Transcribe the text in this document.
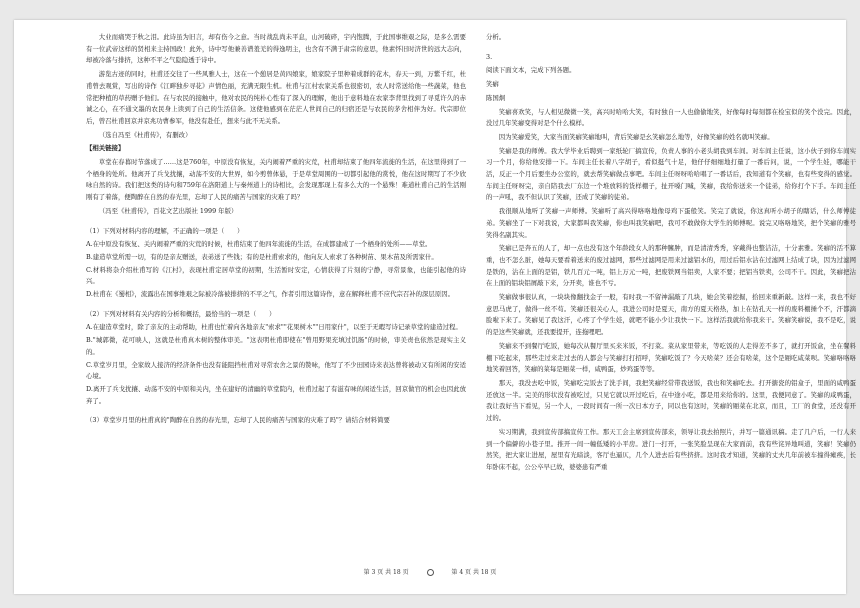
大业而痛哭于秋之泪。此诗虽为旧言，却有伤今之意。当时战乱尚未平息，山河破碎，宇内饱腾，于此国事维艰之际，是多么需要有一位武帝这样的贤相来主持国政！此外，诗中写他兼善谱羞羌的得逸明主，也含有不满于肃宗的意思，他素怀旧时济世的远大志向，却被冷落与排挤，这种不平之气隐隐透于诗中。

游览古迹的同时，杜甫还交往了一些风雅人士，这在一个憩居是黄四娘家，娘家院子里种着成群的花木，春天一到，万紫千红，杜甫曾去观赏，写出的诗作《江畔独步寻花》声情色丽，充满无限生机。杜甫与江村农家关系也很密切，农人时常送给他一些蔬菜，他也常把种植的草药赠予他们。在与农民的接触中，他对农民的纯朴心性有了深入的理解，他出于意料地在农家李背里找到了寻觅许久的赤诚之心，在不通文墨的农民身上读到了自己的生活信条。这使他感到在茫茫人世间自己的归宿还是与农民的茅舍相伴为好。代宗即位后，曾召杜甫回京并京兆功曹参军，他没有赴任，想来与此不无关系。

（选自冯至《杜甫传》，有删改）

【相关链接】

草堂在春暮时节落成了……这是760年，中原没有恢复，关内闹着严重的灾荒，杜甫却结束了他四年流徙的生活，在这里得到了一个栖身的处所。他离开了兵戈扰攘，动荡不安的大世界，如今剪曾体悬，于是草堂周围的一切都引起他的赏悦，他在这时期写了不少欣咏自然的诗。我们把这类的诗句和759年在洛阳道上与秦州道上的诗相比，会发现那现上有多么大的一个悬殊！难道杜甫自己的生活刚刚有了着落，便陶醉在自然的春光里，忘却了人民的痛苦与国家的灾难了吗？

（冯至《杜甫传》，百花文艺出版社 1999 年版）

（1）下列对材料内容的理解，不正确的一项是（　　）

A.在中原没有恢复、关内闹着严重的灾荒的时候，杜甫结束了他四年流徙的生活，在成都建成了一个栖身的处所——草堂。

B.建造草堂所需一切，有的是亲友赠送，表弟送了些钱；有的是杜甫索求的，他向友人索求了各种树苗、果木苗及所需家什。

C.材料将杂介绍杜甫写的《江村》，表现杜甫定居草堂的初期，生活暂时安定，心情获得了片刻的宁静，寻常景象，也能引起他的诗兴。

D.杜甫在《蜀相》，流露出在国事维艰之际被冷落被排挤的不平之气，作者引用这篇诗作，意在解释杜甫不应代宗召补的深层原因。

（2）下列对材料有关内容的分析和概括，最恰当的一项是（　　）

A.在建造草堂时，除了亲友的主动帮助，杜甫也忙着向各地亲友"索求""花果树木""日用家什"，以至于无暇写诗记录草堂的建造过程。

B."城郭微，花可映人，这就是杜甫真木树的整体审美。"这表明杜甫即使在"曾用野果充填过饥肠"的时候，审美责也依然是现实主义的。

C.草堂岁月里，全家故人接济的经济条件也没有能阻挡杜甫对寻常农舍之景的赞咏，他写了不少田园诗来表达曾将被动又有所闲的安适心境。

D.离开了兵戈扰攘、动荡不安的中原和关内，坐在建好的清幽的草堂院内，杜甫过起了有滋有味的闲适生活，回京做官的机会也因此放弃了。

（3）草堂岁月里的杜甫真的"陶醉在自然的春光里，忘却了人民的痛苦与国家的灾难了吗"？请结合材料简要

分析。

3.

阅读下面文本，完成下列各题。

笑癖

陈国炯

笑癖喜欢笑，与人相见微微一笑，高兴时哈哈大笑，有时独自一人也偷偷地笑，好像每时每刻都在检宝似的笑个没完。因此，没过几年笑癖变得对是个什么模样。

因为笑癖爱笑，大家当面笑癖笑癖地叫，背后笑癖是幺笑癖怎么地等，好像笑癖的姓名就叫笑癖。

笑癖是我的师傅。我大学毕业后聘到一家纸轮厂搞宣传，负责人事的小老头胡我到车间。对车间主任说，这小伙子到你车间实习一个月，你给他安排一下。车间主任长着八字胡子，看似挺气十足，他仔仔细细地打量了一番后问，说，一个学生娃，哪能干活，反正一个月后要坐办公室的，就去帮笑癖做点事吧。车间主任呀呀哈哈唱了一番话后，我知道有个笑癖，也有些变得的感觉。车间主任呀呀完，亲自陪我去厂东边一个堆放料的货样棚子，扯开嗓门喊，笑癖，我给你送来一个徒弟，给你打个下手。车间主任的一声吼，我不但认识了笑癖，还成了笑癖的徒弟。

我很顺从地听了笑癖一声师傅。笑癖听了高兴得咯咯地像母鸡下蛋般笑。笑完了就说，你这真听小胡子的瞎话，什么师傅徒弟。笑癖坐了一下对我说，大家都叫我笑癖，你也叫我笑癖吧，我可不敢做你大学生的师傅呢。说完又咯咯地笑，把个笑癖的雅号笑得名副其实。

笑癖已是奔五的人了，却一点也没有这个年龄段女人的那种臃肿，而是清清秀秀，穿戴得也整洁洁，十分素雅。笑癖的活不算重，也不怎么脏，她每天要看着送来的废过滤网，那些过滤网是用来过滤铝水的，用过后铝水沾在过滤网上结成了块，因为过滤网是铁的，沾在上面的是铝，铁几百元一吨，铝上万元一吨，把废铁网当铝卖，人家不要；把铝当铁卖，公司不干。因此，笑癖把沾在上面的铝块铝屑敲下来，分开卖，谁也不亏。

笑癖做事很认真，一块块像翻找金子一般，有时我一不留神漏敲了几块，她会笑着挖掘，拾回来重新敲。这样一来，我也不好意思马虎了，做得一丝不苟。笑癖还很关心人，我进公司时是夏天，南方的夏天格热，加上在钻孔天一样的废料棚捶个不，汗都滴脸啦下来了。笑癖见了我这汗，心疼了个学生娃，就吧不能小少让我快一下。这样活我就给你我来干。笑癖笑癖说，我不是吃，说的是这些笑癖就，还我要提开，连拖哩吧。

笑癖来不到餐厅吃饭，她每次从餐厅里买来米饭，不打菜。菜从家里带来，等吃饭的人走得差不多了，就打开饭盒，坐在餐料棚下吃起来，那些走过来走过去的人都会与笑癖打打招呼，笑癖吃饭了？今天啥菜？还会有啥菜，这个是厢吃咸菜呗。笑癖咯咯咯地笑着回答，笑癖的菜每是厢菜一样，咸鸭蛋，炒鸡蛋等等。

那天，我没去吃中饭，笑癖吃完饭去了洗手间，我把笑癖经常带我送饭，我也和笑癖吃去。打开搪瓷的铝盒子，里面的咸鸭蛋还放这一半。完美的形状没有被吃过，只见它就以开过吃后，在中途小吃，都是用来给你的。这里，我便同意了。笑癖的咸鸭蛋，我让我好当下看见，另一个人，一段时间有一所一次日本方子，同以也有这时，笑癖的厢菜在北京，而且，工厂的食堂，还没有开过的。

实习期满，我到宣传部搞宣传工作。那天工会主席到宣传部来，领导让我去拍照片，并写一篇通讯稿。走了几户后，一行人来到一个偏僻的小巷子里。推开一间一幢低矮的小平房。进门一打开，一张笑脸呈现在大家面前，我有些诧异地叫道，笑癖！笑癖仍然笑，把大家让进屋，屋里有光暗淡，客厅也逼仄，几个人进去后有些挤挤。这时我才知道，笑癖的丈夫几年前被车撞得瘫痪，长年卧床不起，公公卒早已故，婆婆患有严重

第 3 页 共 18 页	第 4 页 共 18 页
